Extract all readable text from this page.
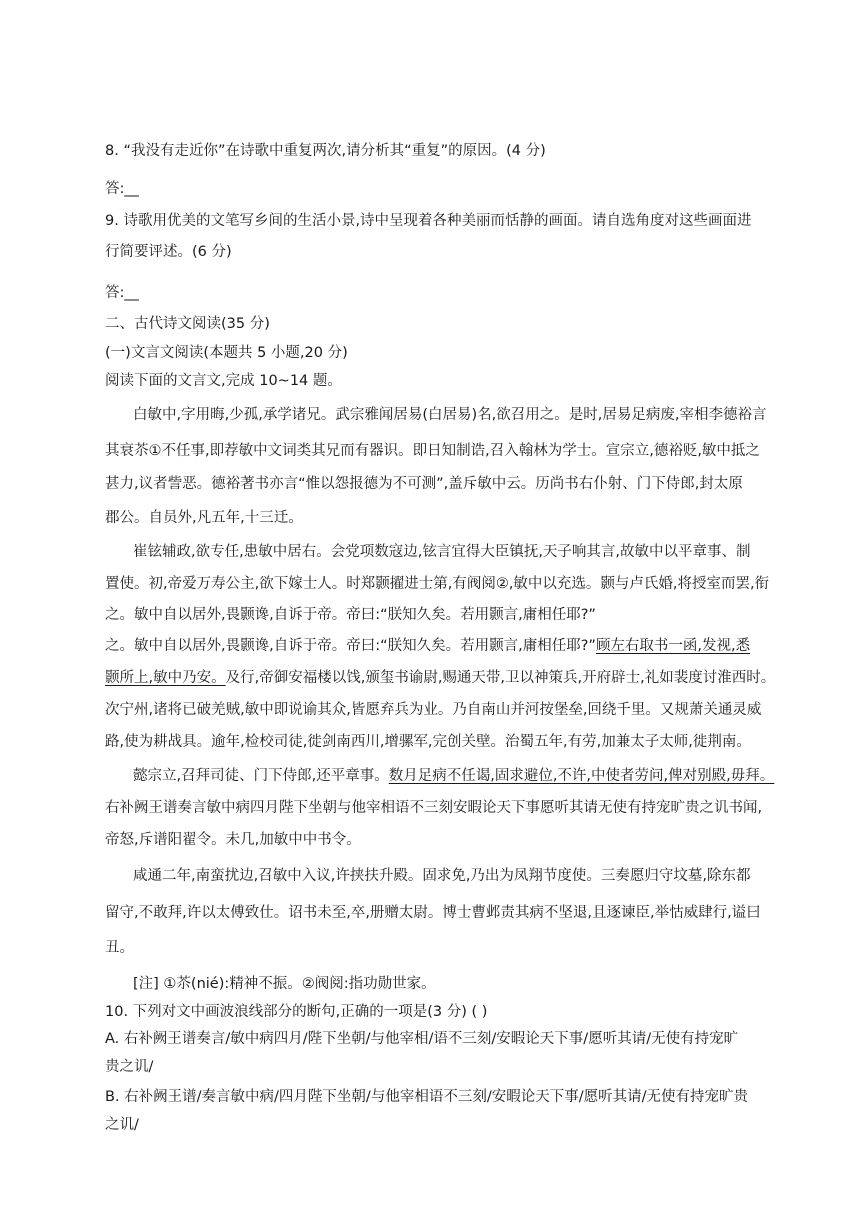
8. “我没有走近你”在诗歌中重复两次,请分析其“重复”的原因。(4 分)
答:__
9. 诗歌用优美的文笔写乡间的生活小景,诗中呈现着各种美丽而恬静的画面。请自选角度对这些画面进
行简要评述。(6 分)
答:__
二、古代诗文阅读(35 分)
(一)文言文阅读(本题共 5 小题,20 分)
阅读下面的文言文,完成 10~14 题。
白敏中,字用晦,少孤,承学诸兄。武宗雅闻居易(白居易)名,欲召用之。是时,居易足病废,宰相李德裕言
其衰苶①不任事,即荐敏中文词类其兄而有器识。即日知制诰,召入翰林为学士。宣宗立,德裕贬,敏中抵之
甚力,议者訾恶。德裕著书亦言“惟以怨报德为不可测”,盖斥敏中云。历尚书右仆射、门下侍郎,封太原
郡公。自员外,凡五年,十三迁。
崔铉辅政,欲专任,患敏中居右。会党项数寇边,铉言宜得大臣镇抚,天子响其言,故敏中以平章事、制
置使。初,帝爱万寿公主,欲下嫁士人。时郑颢擢进士第,有阀阅②,敏中以充选。颢与卢氏婚,将授室而罢,衔
之。敏中自以居外,畏颢谗,自诉于帝。帝曰:“朕知久矣。若用颢言,庸相任耶?”
之。敏中自以居外,畏颢谗,自诉于帝。帝曰:“朕知久矣。若用颢言,庸相任耶?”顾左右取书一函,发视,悉
颢所上,敏中乃安。及行,帝御安福楼以饯,颁玺书谕尉,赐通天带,卫以神策兵,开府辟士,礼如裴度讨淮西时。
次宁州,诸将已破羌贼,敏中即说谕其众,皆愿弃兵为业。乃自南山并河按堡垒,回绕千里。又规萧关通灵威
路,使为耕战具。逾年,检校司徒,徙剑南西川,增骡军,完创关壁。治蜀五年,有劳,加兼太子太师,徙荆南。
懿宗立,召拜司徒、门下侍郎,还平章事。数月足病不任谒,固求避位,不许,中使者劳问,俾对别殿,毋拜。
右补阙王谱奏言敏中病四月陛下坐朝与他宰相语不三刻安暇论天下事愿听其请无使有持宠旷贵之讥书闻,
帝怒,斥谱阳翟令。未几,加敏中中书令。
咸通二年,南蛮扰边,召敏中入议,许挟扶升殿。固求免,乃出为凤翔节度使。三奏愿归守坟墓,除东都
留守,不敢拜,许以太傅致仕。诏书未至,卒,册赠太尉。博士曹邺责其病不坚退,且逐谏臣,举怙威肆行,谥曰
丑。
[注] ①苶(nié):精神不振。②阀阅:指功勋世家。
10. 下列对文中画波浪线部分的断句,正确的一项是(3 分) ( )
A. 右补阙王谱奏言/敏中病四月/陛下坐朝/与他宰相/语不三刻/安暇论天下事/愿听其请/无使有持宠旷
贵之讥/
B. 右补阙王谱/奏言敏中病/四月陛下坐朝/与他宰相语不三刻/安暇论天下事/愿听其请/无使有持宠旷贵
之讥/
